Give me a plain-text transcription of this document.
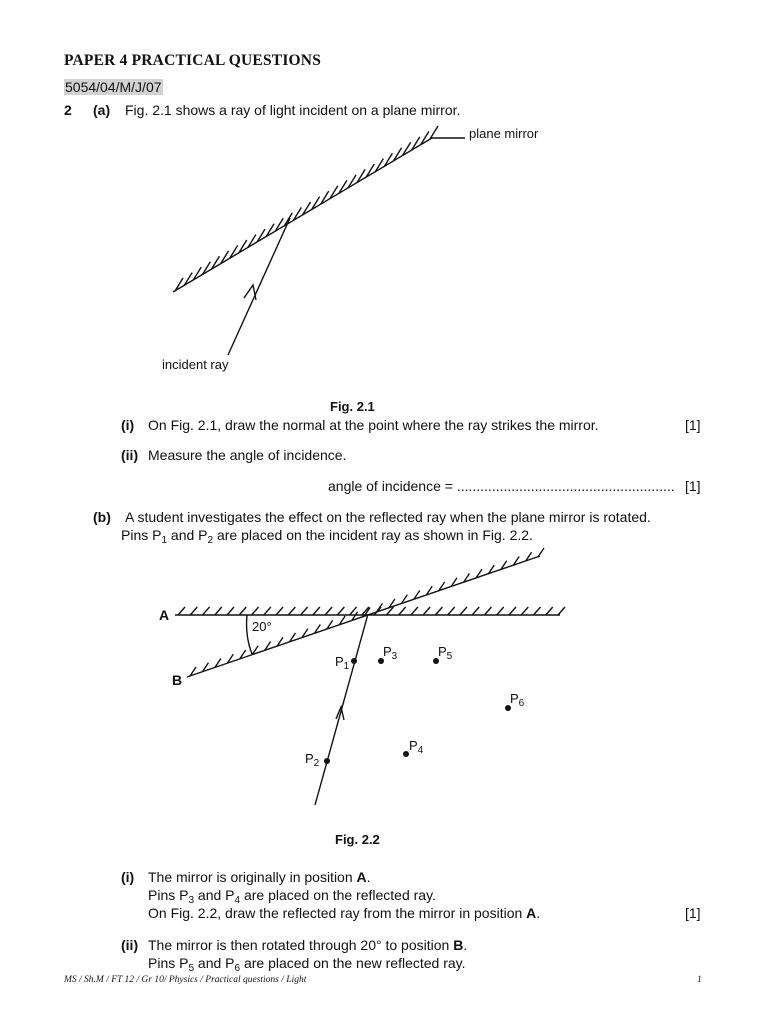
PAPER 4 PRACTICAL QUESTIONS
5054/04/M/J/07
2 (a) Fig. 2.1 shows a ray of light incident on a plane mirror.
plane mirror
incident ray
Fig. 2.1
(i) On Fig. 2.1, draw the normal at the point where the ray strikes the mirror.	[1]
(ii) Measure the angle of incidence.
angle of incidence = ........................................................ [1]
(b) A student investigates the effect on the reflected ray when the plane mirror is rotated.
Pins $P_1$ and $P_2$ are placed on the incident ray as shown in Fig. 2.2.
A
B
20°
$P_1$
$P_2$
$P_3$
$P_4$
$P_5$
$P_6$
Fig. 2.2
(i) The mirror is originally in position A.
Pins $P_3$ and $P_4$ are placed on the reflected ray.
On Fig. 2.2, draw the reflected ray from the mirror in position A.	[1]
(ii) The mirror is then rotated through 20° to position B.
Pins $P_5$ and $P_6$ are placed on the new reflected ray.
MS / Sh.M / FT 12 / Gr 10/ Physics / Practical questions / Light	1
